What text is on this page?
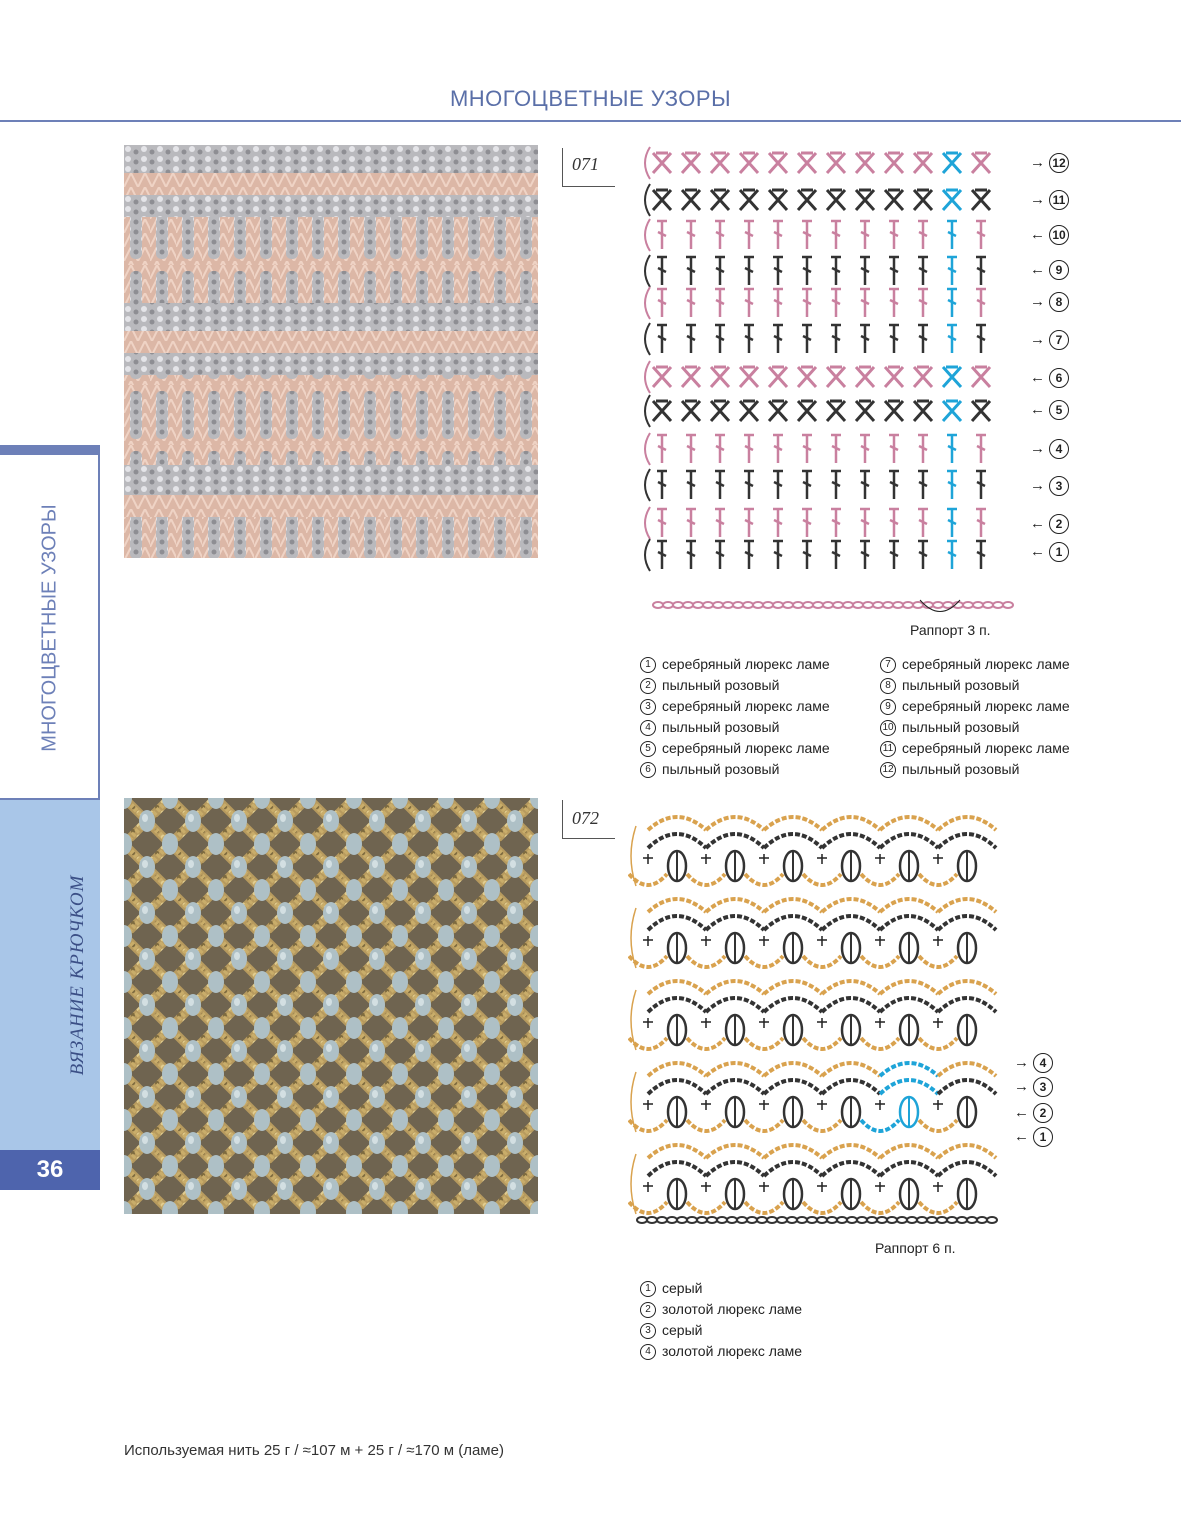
МНОГОЦВЕТНЫЕ УЗОРЫ
МНОГОЦВЕТНЫЕ УЗОРЫ
ВЯЗАНИЕ КРЮЧКОМ
36
071	→ 12
→ 11
← 10
← 9
→ 8
→ 7
← 6
← 5
→ 4
→ 3
← 2
← 1
Раппорт 3 п.
1 серебряный люрекс ламе
2 пыльный розовый
3 серебряный люрекс ламе
4 пыльный розовый
5 серебряный люрекс ламе
6 пыльный розовый
7 серебряный люрекс ламе
8 пыльный розовый
9 серебряный люрекс ламе
10 пыльный розовый
11 серебряный люрекс ламе
12 пыльный розовый
072
→ 4
→ 3
← 2
← 1
Раппорт 6 п.
1 серый
2 золотой люрекс ламе
3 серый
4 золотой люрекс ламе
Используемая нить 25 г / ≈107 м + 25 г / ≈170 м (ламе)
